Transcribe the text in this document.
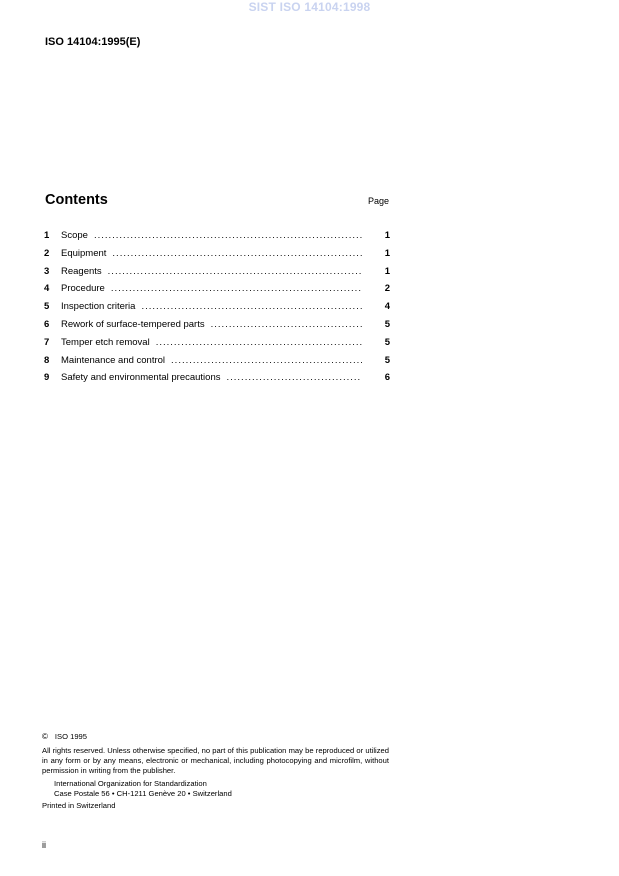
SIST ISO 14104:1998
ISO 14104:1995(E)
Contents	Page
1	Scope .....	1
2	Equipment .....	1
3	Reagents .....	1
4	Procedure .....	2
5	Inspection criteria .....	4
6	Rework of surface-tempered parts .....	5
7	Temper etch removal .....	5
8	Maintenance and control .....	5
9	Safety and environmental precautions .....	6
© ISO 1995
All rights reserved. Unless otherwise specified, no part of this publication may be reproduced or utilized in any form or by any means, electronic or mechanical, including photocopying and microfilm, without permission in writing from the publisher.
International Organization for Standardization
Case Postale 56 • CH-1211 Genève 20 • Switzerland
Printed in Switzerland
ii
